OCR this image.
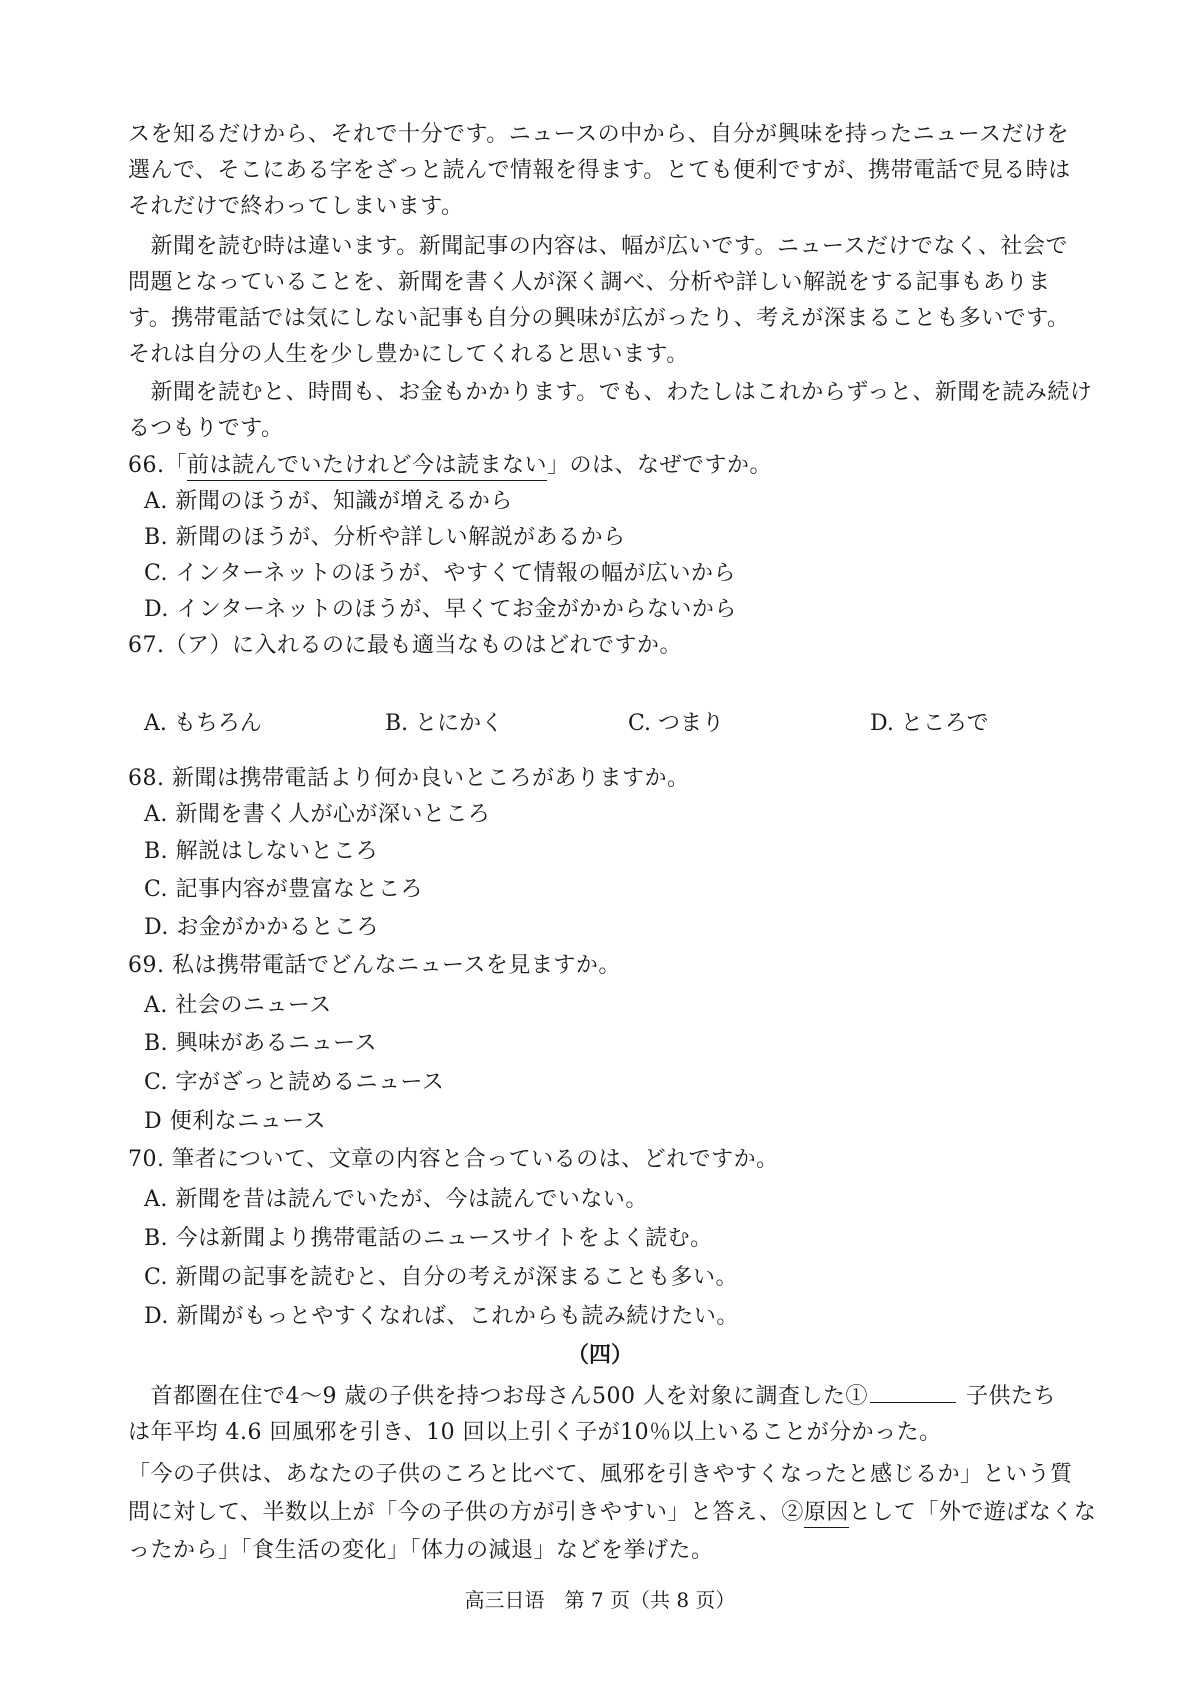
スを知るだけから、それで十分です。ニュースの中から、自分が興味を持ったニュースだけを
選んで、そこにある字をざっと読んで情報を得ます。とても便利ですが、携帯電話で見る時は
それだけで終わってしまいます。
　新聞を読む時は違います。新聞記事の内容は、幅が広いです。ニュースだけでなく、社会で
問題となっていることを、新聞を書く人が深く調べ、分析や詳しい解説をする記事もありま
す。携帯電話では気にしない記事も自分の興味が広がったり、考えが深まることも多いです。
それは自分の人生を少し豊かにしてくれると思います。
　新聞を読むと、時間も、お金もかかります。でも、わたしはこれからずっと、新聞を読み続け
るつもりです。
66.「前は読んでいたけれど今は読まない」のは、なぜですか。
A. 新聞のほうが、知識が増えるから
B. 新聞のほうが、分析や詳しい解説があるから
C. インターネットのほうが、やすくて情報の幅が広いから
D. インターネットのほうが、早くてお金がかからないから
67.（ア）に入れるのに最も適当なものはどれですか。
A. もちろん	B. とにかく	C. つまり	D. ところで
68. 新聞は携帯電話より何か良いところがありますか。
A. 新聞を書く人が心が深いところ
B. 解説はしないところ
C. 記事内容が豊富なところ
D. お金がかかるところ
69. 私は携帯電話でどんなニュースを見ますか。
A. 社会のニュース
B. 興味があるニュース
C. 字がざっと読めるニュース
D 便利なニュース
70. 筆者について、文章の内容と合っているのは、どれですか。
A. 新聞を昔は読んでいたが、今は読んでいない。
B. 今は新聞より携帯電話のニュースサイトをよく読む。
C. 新聞の記事を読むと、自分の考えが深まることも多い。
D. 新聞がもっとやすくなれば、これからも読み続けたい。
（四）
　首都圏在住で4～9 歳の子供を持つお母さん500 人を対象に調査した①	子供たち
は年平均 4.6 回風邪を引き、10 回以上引く子が10％以上いることが分かった。
「今の子供は、あなたの子供のころと比べて、風邪を引きやすくなったと感じるか」という質
問に対して、半数以上が「今の子供の方が引きやすい」と答え、②原因として「外で遊ばなくな
ったから」「食生活の変化」「体力の減退」などを挙げた。
高三日语　第 7 页（共 8 页）
